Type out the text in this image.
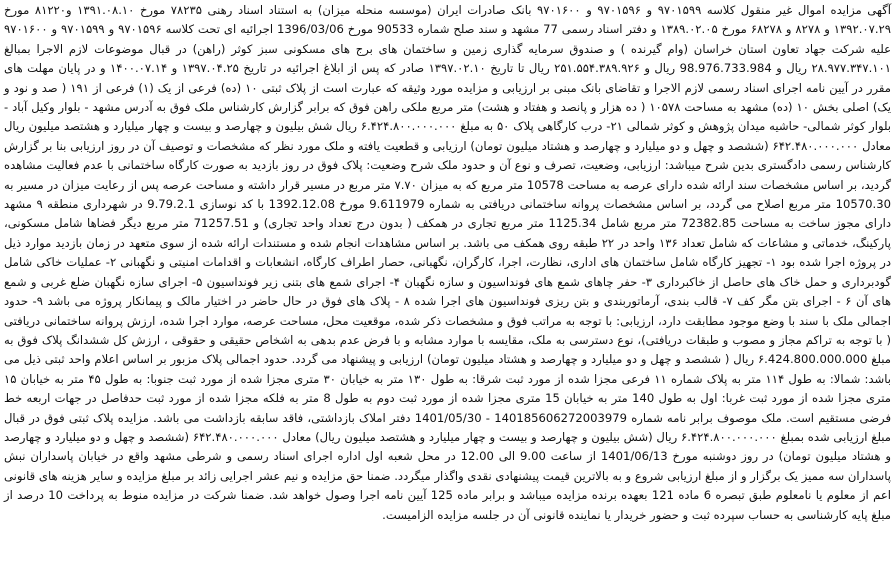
آگهی مزایده اموال غیر منقول کلاسه ۹۷۰۱۵۹۹ و ۹۷۰۱۵۹۶ و ۹۷۰۱۶۰۰ بانک صادرات ایران (موسسه منحله میزان) به استناد اسناد رهنی ۷۸۲۳۵ مورخ ۱۳۹۱.۰۸.۱۰ و۸۱۲۲۰ مورخ ۱۳۹۲.۰۷.۲۹ و ۸۲۷۸ و ۶۸۲۷۸ مورخ ۱۳۸۹.۰۲.۰۵ و دفتر اسناد رسمی 77 مشهد و سند صلح شماره 90533 مورخ 1396/03/06 اجرائیه ای تحت کلاسه ۹۷۰۱۵۹۶ و ۹۷۰۱۵۹۹ و ۹۷۰۱۶۰۰ علیه شرکت جهاد تعاون استان خراسان (وام گیرنده ) و صندوق سرمایه گذاری زمین و ساختمان های برج های مسکونی سبز کوثر (راهن) در قبال موضوعات لازم الاجرا بمبالغ ۲۸.۹۷۷.۳۴۷.۱۰۱ ریال و 98.976.733.984 ریال و ۲۵۱.۵۵۴.۳۸۹.۹۲۶ ریال تا تاریخ ۱۳۹۷.۰۲.۱۰ صادر که پس از ابلاغ اجرائیه در تاریخ ۱۳۹۷.۰۴.۲۵ و ۱۴۰۰.۰۷.۱۴ و در پایان مهلت های مقرر در آیین نامه اجرای اسناد رسمی لازم الاجرا و تقاضای بانک مبنی بر ارزیابی و مزایده مورد وثیقه که عبارت است از پلاک ثبتی ۱۰ (ده) فرعی از یک (۱) فرعی از ۱۹۱ ( صد و نود و یک) اصلی بخش ۱۰ (ده) مشهد به مساحت ۱۰۵۷۸ ( ده هزار و پانصد و هفتاد و هشت) متر مربع ملکی راهن فوق که برابر گزارش کارشناس ملک فوق به آدرس مشهد - بلوار وکیل آباد - بلوار کوثر شمالی- حاشیه میدان پژوهش و کوثر شمالی ۲۱- درب کارگاهی پلاک ۵۰ به مبلغ ۶.۴۲۴.۸۰۰.۰۰۰.۰۰۰ ریال شش بیلیون و چهارصد و بیست و چهار میلیارد و هشتصد میلیون ریال معادل ۶۴۲.۴۸۰.۰۰۰.۰۰۰ (ششصد و چهل و دو میلیارد و چهارصد و هشتاد میلیون تومان) ارزیابی و قطعیت یافته و ملک مورد نظر که مشخصات و توصیف آن در روز ارزیابی بنا بر گزارش کارشناس رسمی دادگستری بدین شرح میباشد: ارزیابی، وضعیت، تصرف و نوع آن و حدود ملک شرح وضعیت: پلاک فوق در روز بازدید به صورت کارگاه ساختمانی با عدم فعالیت مشاهده گردید، بر اساس مشخصات سند ارائه شده دارای عرصه به مساحت 10578 متر مربع که به میزان ۷.۷۰ متر مربع در مسیر قرار داشته و مساحت عرصه پس از رعایت میزان در مسیر به 10570.30 متر مربع اصلاح می گردد، بر اساس مشخصات پروانه ساختمانی دریافتی به شماره 9.611979 مورخ 1392.12.08 با کد نوسازی 9.79.2.1 در شهرداری منطقه ۹ مشهد دارای مجوز ساخت به مساحت 72382.85 متر مربع شامل 1125.34 متر مربع تجاری در همکف ( بدون درج تعداد واحد تجاری) و 71257.51 متر مربع دیگر فضاها شامل مسکونی، پارکینگ، خدماتی و مشاعات که شامل تعداد ۱۳۶ واحد در ۲۲ طبقه روی همکف می باشد. بر اساس مشاهدات انجام شده و مستندات ارائه شده از سوی متعهد در زمان بازدید موارد ذیل در پروژه اجرا شده بود ۱- تجهیز کارگاه شامل ساختمان های اداری، نظارت، اجرا، کارگران، نگهبانی، حصار اطراف کارگاه، انشعابات و اقدامات امنیتی و نگهبانی ۲- عملیات خاکی شامل گودبرداری و حمل خاک های حاصل از خاکبرداری ۳- حفر چاهای شمع های فونداسیون و سازه نگهبان ۴- اجرای شمع های بتنی زیر فونداسیون ۵- اجرای سازه نگهبان ضلع غربی و شمع های آن ۶ - اجرای بتن مگر کف ۷- قالب بندی، آرماتوربندی و بتن ریزی فونداسیون های اجرا شده ۸ - پلاک های فوق در حال حاضر در اختیار مالک و پیمانکار پروژه می باشد ۹- حدود اجمالی ملک با سند با وضع موجود مطابقت دارد، ارزیابی: با توجه به مراتب فوق و مشخصات ذکر شده، موقعیت محل، مساحت عرصه، موارد اجرا شده، ارزش پروانه ساختمانی دریافتی ( با توجه به تراکم مجاز و مصوب و طبقات دریافتی)، نوع دسترسی به ملک، مقایسه با موارد مشابه و با فرض عدم بدهی به اشخاص حقیقی و حقوقی ، ارزش کل ششدانگ پلاک فوق به مبلغ ۶.424.800.000.000 ریال ( ششصد و چهل و دو میلیارد و چهارصد و هشتاد میلیون تومان) ارزیابی و پیشنهاد می گردد. حدود اجمالی پلاک مزبور بر اساس اعلام واحد ثبتی ذیل می باشد: شمالا: به طول ۱۱۴ متر به پلاک شماره ۱۱ فرعی مجزا شده از مورد ثبت شرقا: به طول ۱۳۰ متر به خیابان ۳۰ متری مجزا شده از مورد ثبت جنوبا: به طول ۴۵ متر به خیابان ۱۵ متری مجزا شده از مورد ثبت غربا: اول به طول 140 متر به خیابان 15 متری مجزا شده از مورد ثبت دوم به طول 8 متر به فلکه مجزا شده از مورد ثبت حدفاصل در جهات اربعه خط فرضی مستقیم است. ملک موصوف برابر نامه شماره 140185606272003979 - 1401/05/30 دفتر املاک بازداشتی، فاقد سابقه بازداشت می باشد. مزایده پلاک ثبتی فوق در قبال مبلغ ارزیابی شده بمبلغ ۶.۴۲۴.۸۰۰.۰۰۰.۰۰۰ ریال (شش بیلیون و چهارصد و بیست و چهار میلیارد و هشتصد میلیون ریال) معادل ۶۴۲.۴۸۰.۰۰۰.۰۰۰ (ششصد و چهل و دو میلیارد و چهارصد و هشتاد میلیون تومان) در روز دوشنبه مورخ 1401/06/13 از ساعت 9.00 الی 12.00 در محل شعبه اول اداره اجرای اسناد رسمی و شرطی مشهد واقع در خیابان پاسداران نبش پاسداران سه ممیز یک برگزار و از مبلغ ارزیابی شروع و به بالاترین قیمت پیشنهادی نقدی واگذار میگردد. ضمنا حق مزایده و نیم عشر اجرایی زائد بر مبلغ مزایده و سایر هزینه های قانونی اعم از معلوم یا نامعلوم طبق تبصره 6 ماده 121 بعهده برنده مزایده میباشد و برابر ماده 125 آیین نامه اجرا وصول خواهد شد. ضمنا شرکت در مزایده منوط به پرداخت 10 درصد از مبلغ پایه کارشناسی به حساب سپرده ثبت و حضور خریدار یا نماینده قانونی آن در جلسه مزایده الزامیست.
